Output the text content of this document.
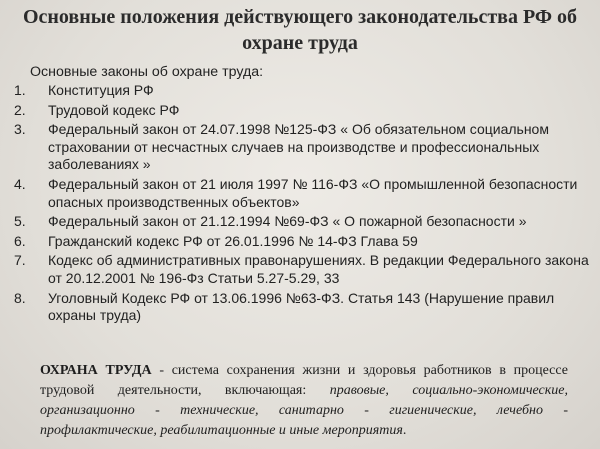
Основные положения действующего законодательства РФ об
охране труда
Основные законы об охране труда:
1.	Конституция РФ
2.	Трудовой кодекс РФ
3.	Федеральный закон от 24.07.1998 №125-ФЗ « Об обязательном социальном страховании от несчастных случаев на производстве и профессиональных заболеваниях »
4.	Федеральный закон от 21 июля 1997 № 116-ФЗ «О промышленной безопасности опасных производственных объектов»
5.	Федеральный закон от 21.12.1994 №69-ФЗ « О пожарной безопасности »
6.	Гражданский кодекс РФ от 26.01.1996 № 14-ФЗ Глава 59
7.	Кодекс об административных правонарушениях. В редакции Федерального закона от 20.12.2001 № 196-Фз Статьи 5.27-5.29, 33
8.	Уголовный Кодекс РФ от 13.06.1996 №63-ФЗ. Статья 143 (Нарушение правил охраны труда)
ОХРАНА ТРУДА - система сохранения жизни и здоровья работников в процессе трудовой деятельности, включающая: правовые, социально-экономические, организационно - технические, санитарно - гигиенические, лечебно - профилактические, реабилитационные и иные мероприятия.
